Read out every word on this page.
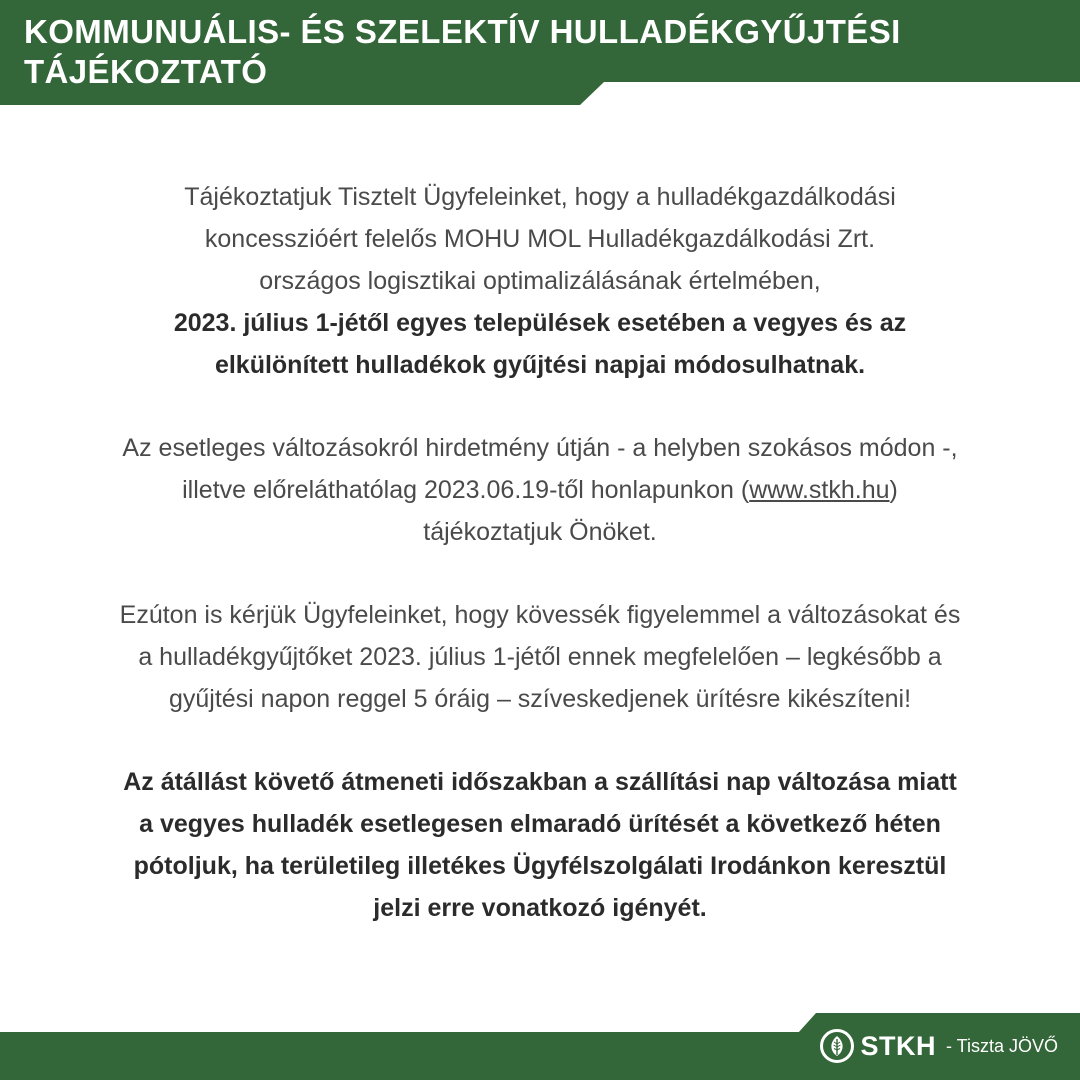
KOMMUNUÁLIS- ÉS SZELEKTÍV HULLADÉKGYŰJTÉSI
TÁJÉKOZTATÓ

Tájékoztatjuk Tisztelt Ügyfeleinket, hogy a hulladékgazdálkodási
koncesszióért felelős MOHU MOL Hulladékgazdálkodási Zrt.
országos logisztikai optimalizálásának értelmében,
2023. július 1-jétől egyes települések esetében a vegyes és az
elkülönített hulladékok gyűjtési napjai módosulhatnak.

Az esetleges változásokról hirdetmény útján - a helyben szokásos módon -,
illetve előreláthatólag 2023.06.19-től honlapunkon (www.stkh.hu)
tájékoztatjuk Önöket.

Ezúton is kérjük Ügyfeleinket, hogy kövessék figyelemmel a változásokat és
a hulladékgyűjtőket 2023. július 1-jétől ennek megfelelően – legkésőbb a
gyűjtési napon reggel 5 óráig – szíveskedjenek ürítésre kikészíteni!

Az átállást követő átmeneti időszakban a szállítási nap változása miatt
a vegyes hulladék esetlegesen elmaradó ürítését a következő héten
pótoljuk, ha területileg illetékes Ügyfélszolgálati Irodánkon keresztül
jelzi erre vonatkozó igényét.

STKH - Tiszta JÖVŐ
